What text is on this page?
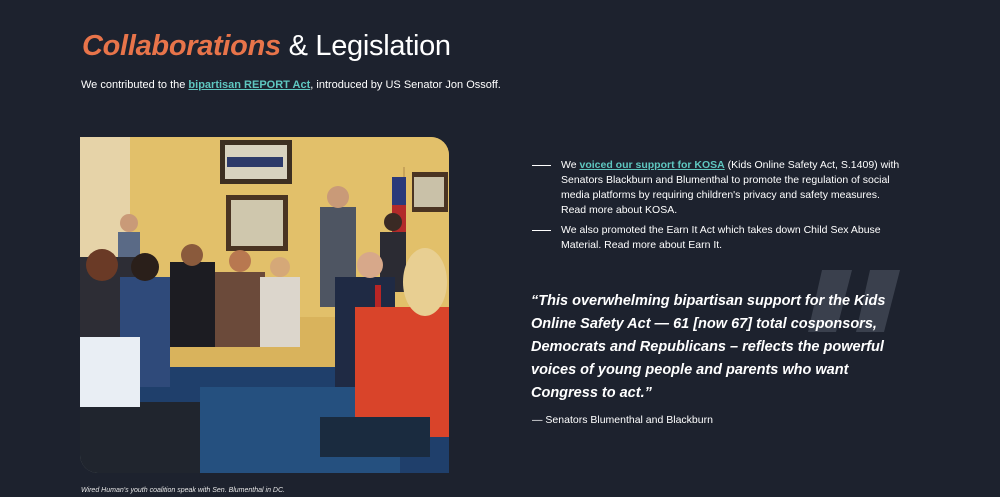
Collaborations & Legislation

We contributed to the bipartisan REPORT Act, introduced by US Senator Jon Ossoff.

Wired Human's youth coalition speak with Sen. Blumenthal in DC.

We voiced our support for KOSA (Kids Online Safety Act, S.1409) with Senators Blackburn and Blumenthal to promote the regulation of social media platforms by requiring children's privacy and safety measures. Read more about KOSA.
We also promoted the Earn It Act which takes down Child Sex Abuse Material. Read more about Earn It.

“This overwhelming bipartisan support for the Kids Online Safety Act — 61 [now 67] total cosponsors, Democrats and Republicans – reflects the powerful voices of young people and parents who want Congress to act.”

— Senators Blumenthal and Blackburn
